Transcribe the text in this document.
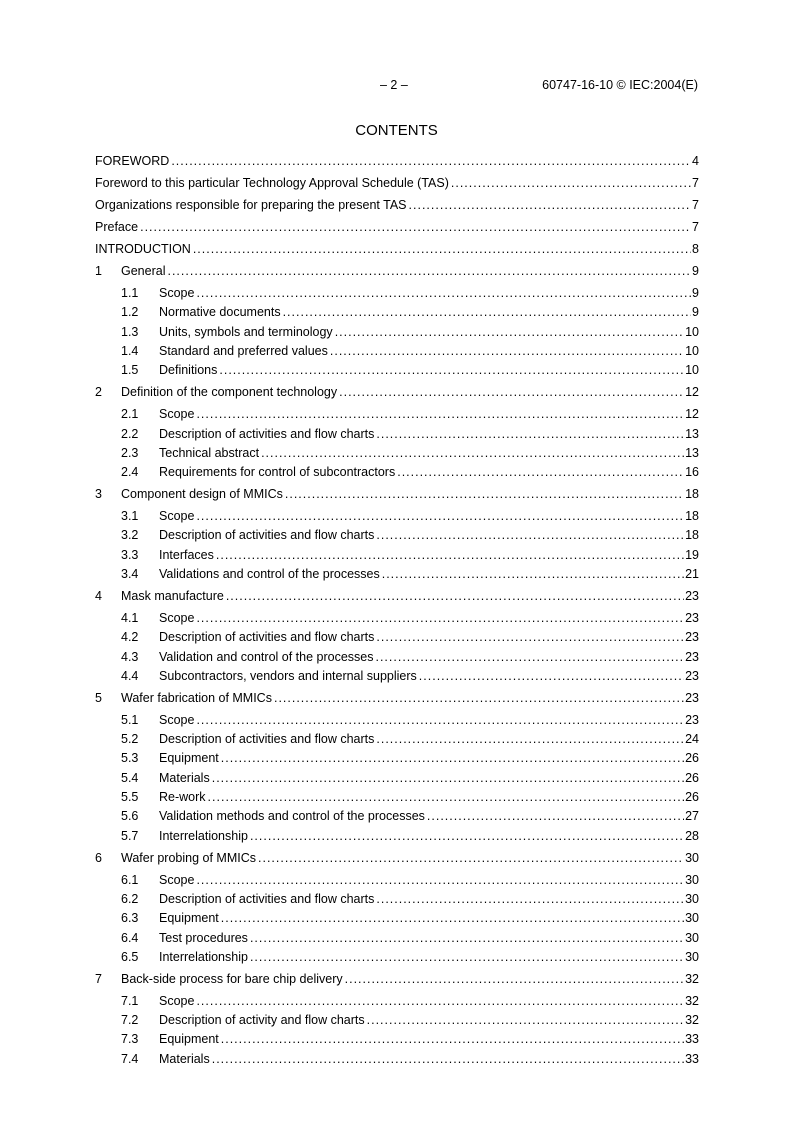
– 2 –	60747-16-10 © IEC:2004(E)
CONTENTS
FOREWORD .....	4
Foreword to this particular Technology Approval Schedule (TAS) .....	7
Organizations responsible for preparing the present TAS .....	7
Preface .....	7
INTRODUCTION .....	8
1	General .....	9
1.1	Scope .....	9
1.2	Normative documents .....	9
1.3	Units, symbols and terminology .....	10
1.4	Standard and preferred values .....	10
1.5	Definitions .....	10
2	Definition of the component technology .....	12
2.1	Scope .....	12
2.2	Description of activities and flow charts .....	13
2.3	Technical abstract .....	13
2.4	Requirements for control of subcontractors .....	16
3	Component design of MMICs .....	18
3.1	Scope .....	18
3.2	Description of activities and flow charts .....	18
3.3	Interfaces .....	19
3.4	Validations and control of the processes .....	21
4	Mask manufacture .....	23
4.1	Scope .....	23
4.2	Description of activities and flow charts .....	23
4.3	Validation and control of the processes .....	23
4.4	Subcontractors, vendors and internal suppliers .....	23
5	Wafer fabrication of MMICs .....	23
5.1	Scope .....	23
5.2	Description of activities and flow charts .....	24
5.3	Equipment .....	26
5.4	Materials .....	26
5.5	Re-work .....	26
5.6	Validation methods and control of the processes .....	27
5.7	Interrelationship .....	28
6	Wafer probing of MMICs .....	30
6.1	Scope .....	30
6.2	Description of activities and flow charts .....	30
6.3	Equipment .....	30
6.4	Test procedures .....	30
6.5	Interrelationship .....	30
7	Back-side process for bare chip delivery .....	32
7.1	Scope .....	32
7.2	Description of activity and flow charts .....	32
7.3	Equipment .....	33
7.4	Materials .....	33
